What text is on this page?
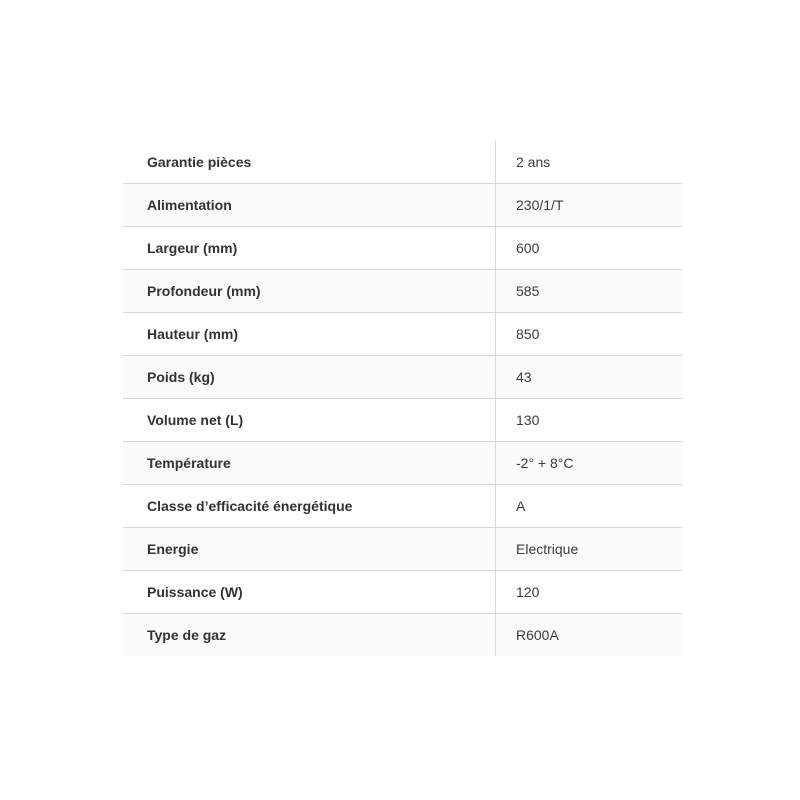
Garantie pièces	2 ans
Alimentation	230/1/T
Largeur (mm)	600
Profondeur (mm)	585
Hauteur (mm)	850
Poids (kg)	43
Volume net (L)	130
Température	-2° + 8°C
Classe d’efficacité énergétique	A
Energie	Electrique
Puissance (W)	120
Type de gaz	R600A
